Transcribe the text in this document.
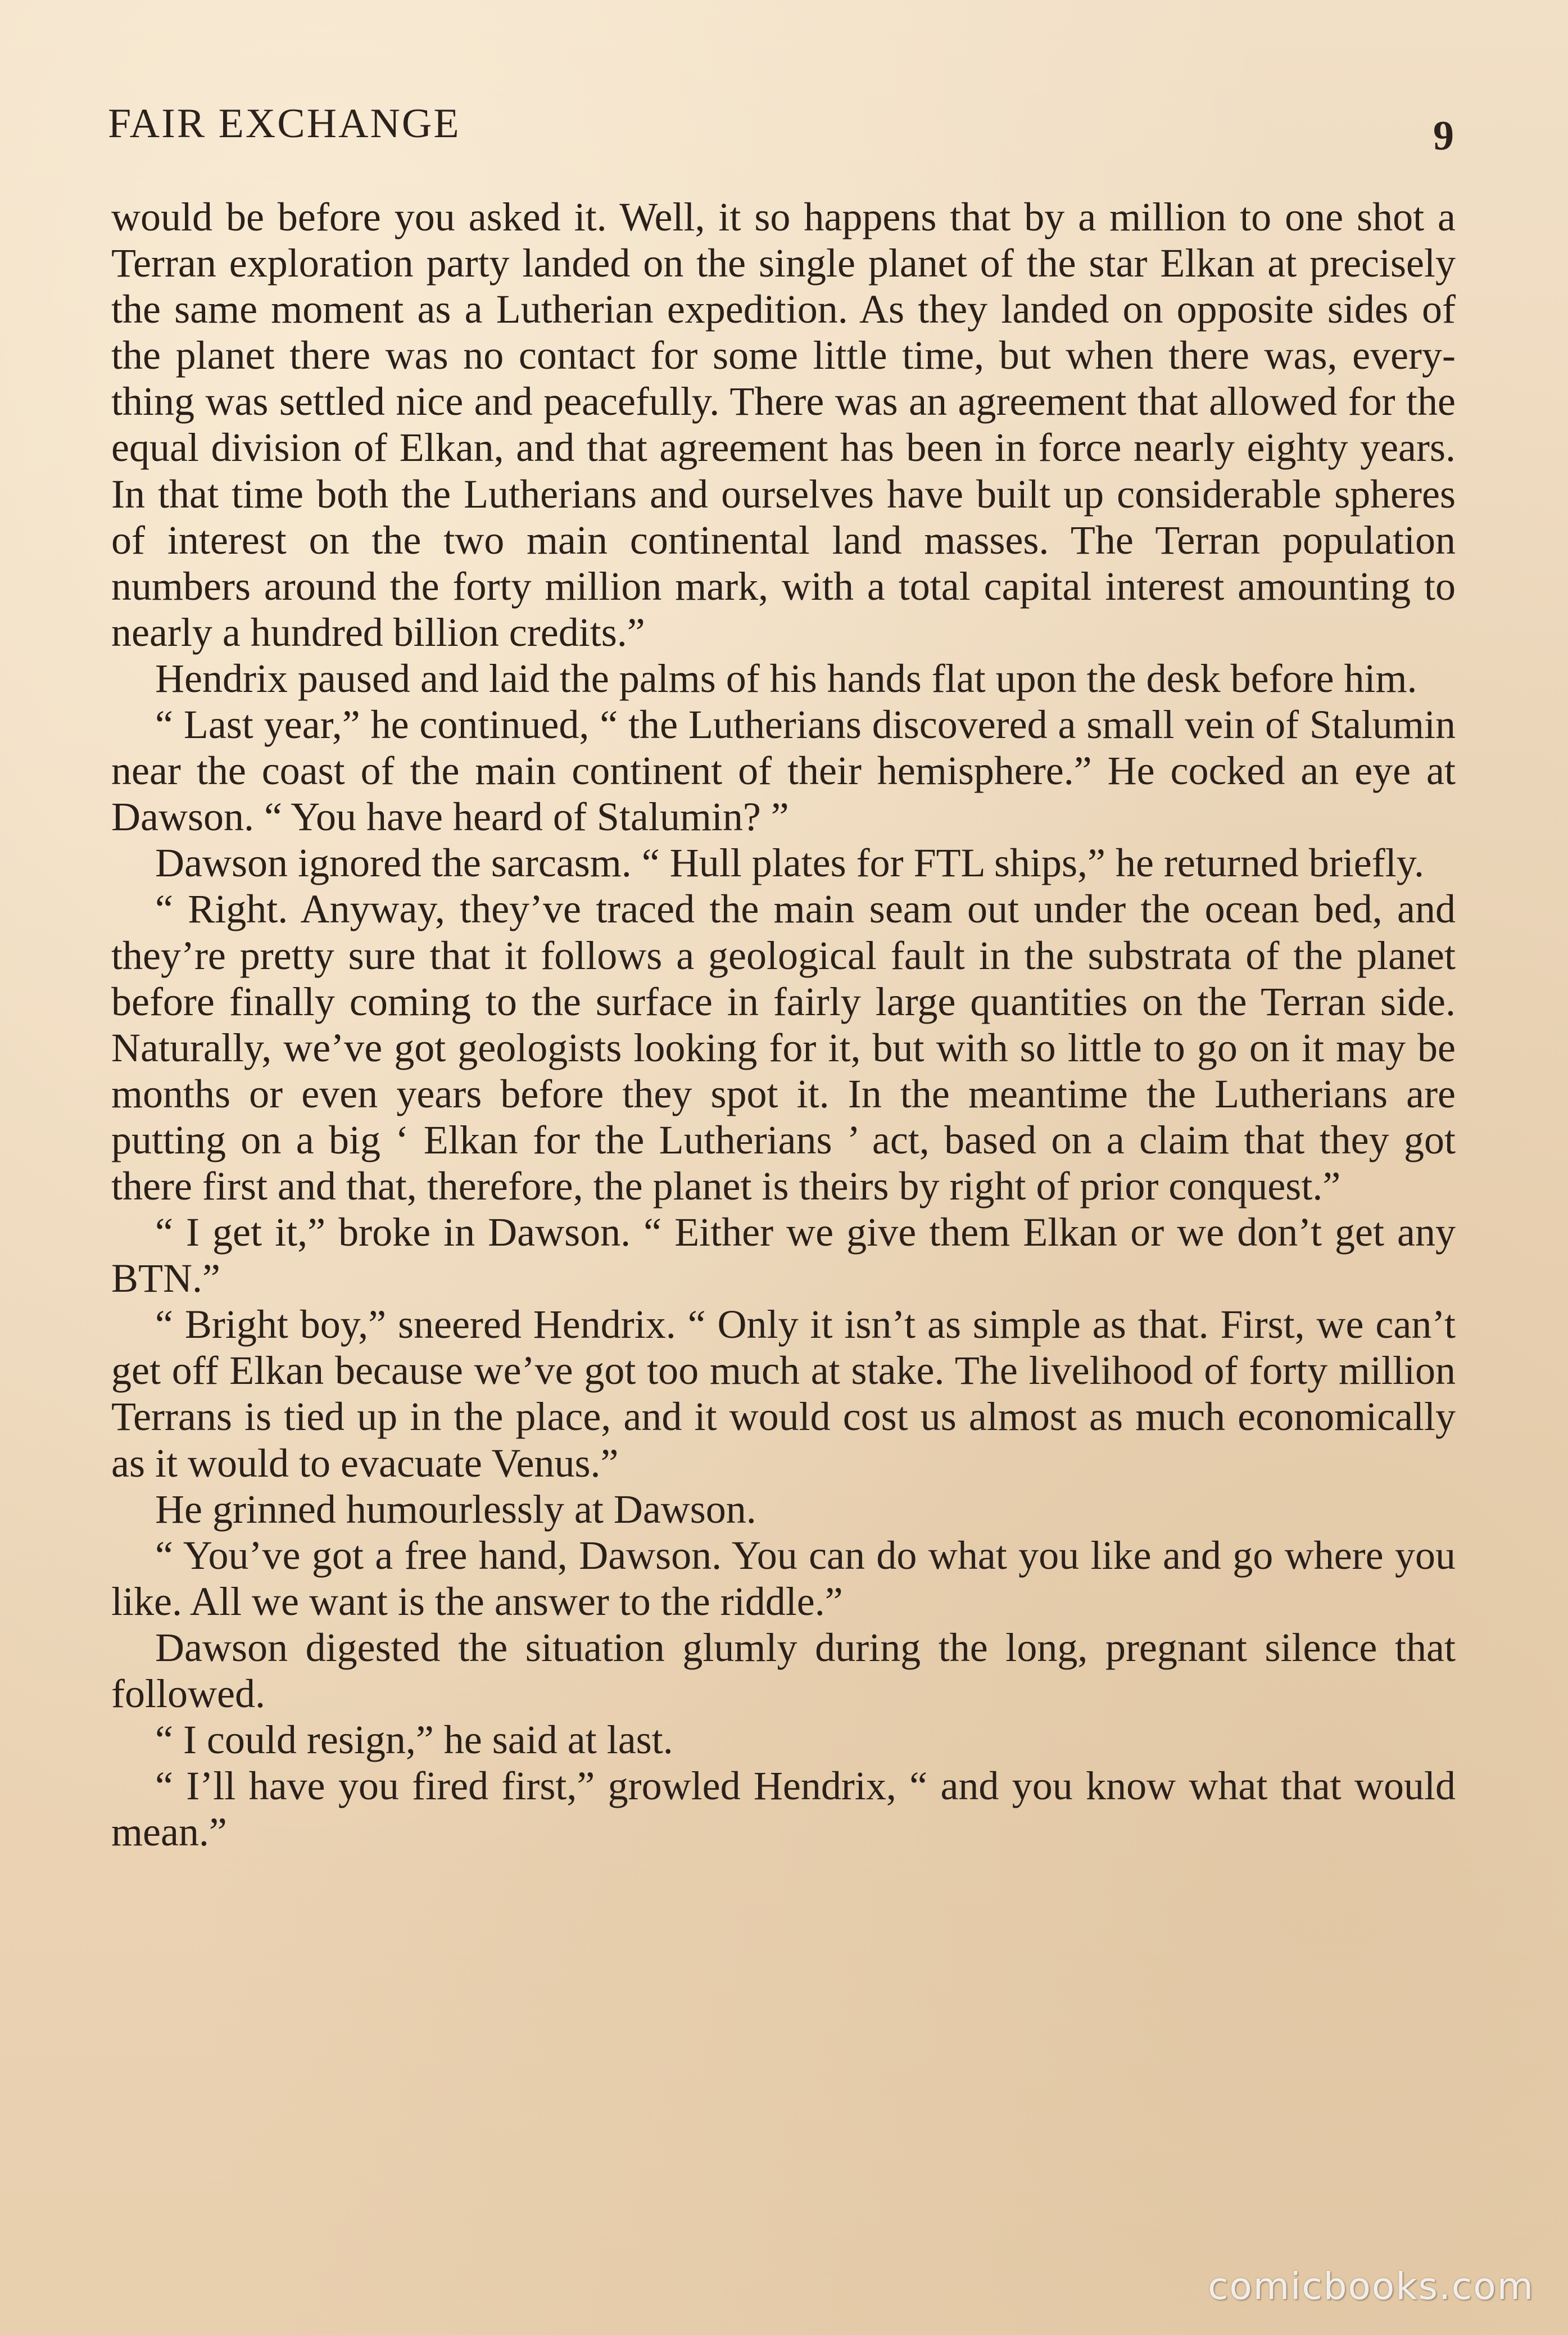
FAIR EXCHANGE	9

would be before you asked it. Well, it so happens that by a million to one shot a Terran exploration party landed on the single planet of the star Elkan at precisely the same moment as a Lutherian expedition. As they landed on opposite sides of the planet there was no contact for some little time, but when there was, every-thing was settled nice and peacefully. There was an agreement that allowed for the equal division of Elkan, and that agreement has been in force nearly eighty years. In that time both the Lutherians and ourselves have built up considerable spheres of interest on the two main continental land masses. The Terran population numbers around the forty million mark, with a total capital interest amounting to nearly a hundred billion credits.”

Hendrix paused and laid the palms of his hands flat upon the desk before him.

“ Last year,” he continued, “ the Lutherians discovered a small vein of Stalumin near the coast of the main continent of their hemisphere.” He cocked an eye at Dawson. “ You have heard of Stalumin? ”

Dawson ignored the sarcasm. “ Hull plates for FTL ships,” he returned briefly.

“ Right. Anyway, they’ve traced the main seam out under the ocean bed, and they’re pretty sure that it follows a geological fault in the substrata of the planet before finally coming to the surface in fairly large quantities on the Terran side. Naturally, we’ve got geologists looking for it, but with so little to go on it may be months or even years before they spot it. In the meantime the Lutherians are putting on a big ‘ Elkan for the Lutherians ’ act, based on a claim that they got there first and that, therefore, the planet is theirs by right of prior conquest.”

“ I get it,” broke in Dawson. “ Either we give them Elkan or we don’t get any BTN.”

“ Bright boy,” sneered Hendrix. “ Only it isn’t as simple as that. First, we can’t get off Elkan because we’ve got too much at stake. The livelihood of forty million Terrans is tied up in the place, and it would cost us almost as much economically as it would to evacuate Venus.”

He grinned humourlessly at Dawson.

“ You’ve got a free hand, Dawson. You can do what you like and go where you like. All we want is the answer to the riddle.”

Dawson digested the situation glumly during the long, pregnant silence that followed.

“ I could resign,” he said at last.

“ I’ll have you fired first,” growled Hendrix, “ and you know what that would mean.”

comicbooks.com
